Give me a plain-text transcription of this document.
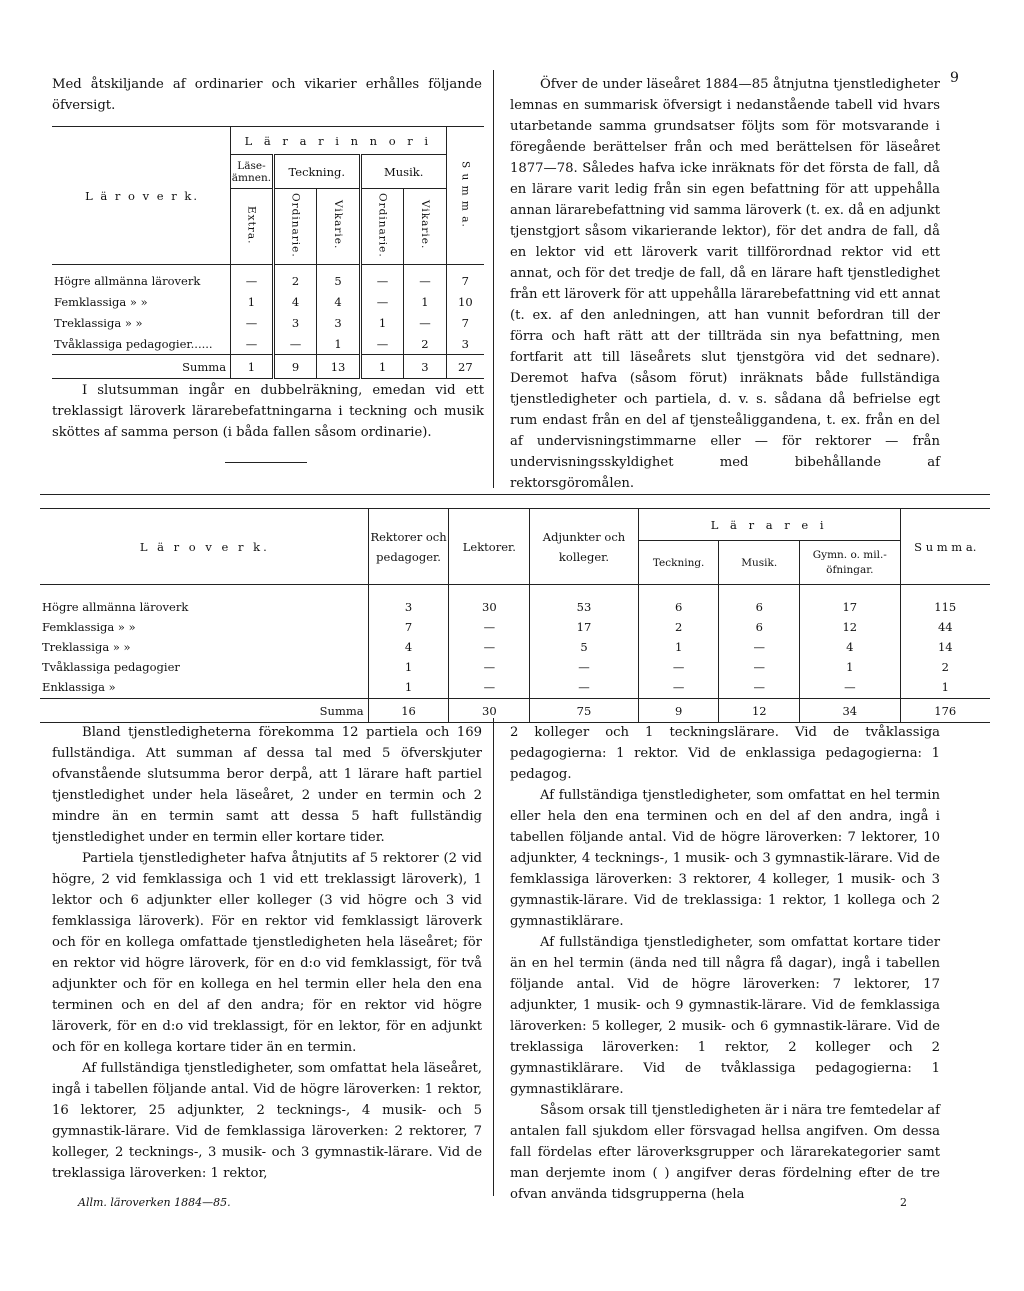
9

Med åtskiljande af ordinarier och vikarier erhålles följande öfversigt.

L ä r o v e r k.	L ä r a r i n n o r i					S u m m a.
	Läse-ämnen.	Teckning.		Musik.		
	Extra.	Ordinarie.	Vikarie.	Ordinarie.	Vikarie.	

Högre allmänna läroverk	—	2	5	—	—	7
Femklassiga » »	1	4	4	—	1	10
Treklassiga » »	—	3	3	1	—	7
Tvåklassiga pedagogier......	—	—	1	—	2	3
Summa	1	9	13	1	3	27

I slutsumman ingår en dubbelräkning, emedan vid ett treklassigt läroverk lärarebefattningarna i teckning och musik sköttes af samma person (i båda fallen såsom ordinarie).

Öfver de under läseåret 1884—85 åtnjutna tjenstledigheter lemnas en summarisk öfversigt i nedanstående tabell vid hvars utarbetande samma grundsatser följts som för motsvarande i föregående berättelser från och med berättelsen för läseåret 1877—78. Således hafva icke inräknats för det första de fall, då en lärare varit ledig från sin egen befattning för att uppehålla annan lärarebefattning vid samma läroverk (t. ex. då en adjunkt tjenstgjort såsom vikarierande lektor), för det andra de fall, då en lektor vid ett läroverk varit tillförordnad rektor vid ett annat, och för det tredje de fall, då en lärare haft tjenstledighet från ett läroverk för att uppehålla lärarebefattning vid ett annat (t. ex. af den anledningen, att han vunnit befordran till der förra och haft rätt att der tillträda sin nya befattning, men fortfarit att till läseårets slut tjenstgöra vid det sednare). Deremot hafva (såsom förut) inräknats både fullständiga tjenstledigheter och partiela, d. v. s. sådana då befrielse egt rum endast från en del af tjensteåliggandena, t. ex. från en del af undervisningstimmarne eller — för rektorer — från undervisningsskyldighet med bibehållande af rektorsgöromålen.

L ä r o v e r k.	Rektorer och pedagoger.	Lektorer.	Adjunkter och kolleger.	L ä r a r e i			S u m m a.
				Teckning.	Musik.	Gymn. o. mil.-öfningar.	

Högre allmänna läroverk	3	30	53	6	6	17	115
Femklassiga » »	7	—	17	2	6	12	44
Treklassiga » »	4	—	5	1	—	4	14
Tvåklassiga pedagogier	1	—	—	—	—	1	2
Enklassiga »	1	—	—	—	—	—	1
Summa	16	30	75	9	12	34	176

Bland tjenstledigheterna förekomma 12 partiela och 169 fullständiga. Att summan af dessa tal med 5 öfverskjuter ofvanstående slutsumma beror derpå, att 1 lärare haft partiel tjenstledighet under hela läseåret, 2 under en termin och 2 mindre än en termin samt att dessa 5 haft fullständig tjenstledighet under en termin eller kortare tider.

Partiela tjenstledigheter hafva åtnjutits af 5 rektorer (2 vid högre, 2 vid femklassiga och 1 vid ett treklassigt läroverk), 1 lektor och 6 adjunkter eller kolleger (3 vid högre och 3 vid femklassiga läroverk). För en rektor vid femklassigt läroverk och för en kollega omfattade tjenstledigheten hela läseåret; för en rektor vid högre läroverk, för en d:o vid femklassigt, för två adjunkter och för en kollega en hel termin eller hela den ena terminen och en del af den andra; för en rektor vid högre läroverk, för en d:o vid treklassigt, för en lektor, för en adjunkt och för en kollega kortare tider än en termin.

Af fullständiga tjenstledigheter, som omfattat hela läseåret, ingå i tabellen följande antal. Vid de högre läroverken: 1 rektor, 16 lektorer, 25 adjunkter, 2 tecknings-, 4 musik- och 5 gymnastik-lärare. Vid de femklassiga läroverken: 2 rektorer, 7 kolleger, 2 tecknings-, 3 musik- och 3 gymnastik-lärare. Vid de treklassiga läroverken: 1 rektor,

2 kolleger och 1 teckningslärare. Vid de tvåklassiga pedagogierna: 1 rektor. Vid de enklassiga pedagogierna: 1 pedagog.

Af fullständiga tjenstledigheter, som omfattat en hel termin eller hela den ena terminen och en del af den andra, ingå i tabellen följande antal. Vid de högre läroverken: 7 lektorer, 10 adjunkter, 4 tecknings-, 1 musik- och 3 gymnastik-lärare. Vid de femklassiga läroverken: 3 rektorer, 4 kolleger, 1 musik- och 3 gymnastik-lärare. Vid de treklassiga: 1 rektor, 1 kollega och 2 gymnastiklärare.

Af fullständiga tjenstledigheter, som omfattat kortare tider än en hel termin (ända ned till några få dagar), ingå i tabellen följande antal. Vid de högre läroverken: 7 lektorer, 17 adjunkter, 1 musik- och 9 gymnastik-lärare. Vid de femklassiga läroverken: 5 kolleger, 2 musik- och 6 gymnastik-lärare. Vid de treklassiga läroverken: 1 rektor, 2 kolleger och 2 gymnastiklärare. Vid de tvåklassiga pedagogierna: 1 gymnastiklärare.

Såsom orsak till tjenstledigheten är i nära tre femtedelar af antalen fall sjukdom eller försvagad hellsa angifven. Om dessa fall fördelas efter läroverksgrupper och lärarekategorier samt man derjemte inom ( ) angifver deras fördelning efter de tre ofvan använda tidsgrupperna (hela

Allm. läroverken 1884—85.	2
